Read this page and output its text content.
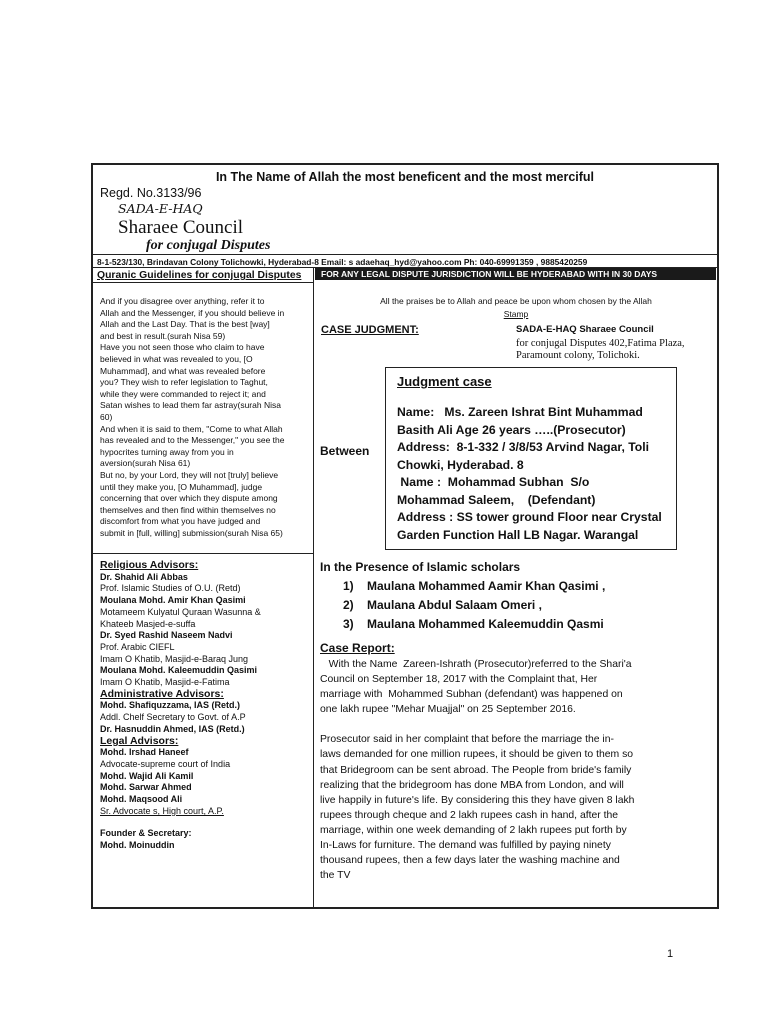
In The Name of Allah the most beneficent and the most merciful
Regd. No.3133/96
SADA-E-HAQ
Sharaee Council
for conjugal Disputes
8-1-523/130, Brindavan Colony Tolichowki, Hyderabad-8 Email: s adaehaq_hyd@yahoo.com Ph: 040-69991359 , 9885420259
Quranic Guidelines for conjugal Disputes
And if you disagree over anything, refer it to
Allah and the Messenger, if you should believe in
Allah and the Last Day. That is the best [way]
and best in result.(surah Nisa 59)
Have you not seen those who claim to have
believed in what was revealed to you, [O
Muhammad], and what was revealed before
you? They wish to refer legislation to Taghut,
while they were commanded to reject it; and
Satan wishes to lead them far astray(surah Nisa
60)
And when it is said to them, "Come to what Allah
has revealed and to the Messenger," you see the
hypocrites turning away from you in
aversion(surah Nisa 61)
But no, by your Lord, they will not [truly] believe
until they make you, [O Muhammad], judge
concerning that over which they dispute among
themselves and then find within themselves no
discomfort from what you have judged and
submit in [full, willing] submission(surah Nisa 65)
Religious Advisors:
Dr. Shahid Ali Abbas
Prof. Islamic Studies of O.U. (Retd)
Moulana Mohd. Amir Khan Qasimi
Motameem Kulyatul Quraan Wasunna &
Khateeb Masjed-e-suffa
Dr. Syed Rashid Naseem Nadvi
Prof. Arabic CIEFL
Imam O Khatib, Masjid-e-Baraq Jung
Moulana Mohd. Kaleemuddin Qasimi
Imam O Khatib, Masjid-e-Fatima
Administrative Advisors:
Mohd. Shafiquzzama, IAS (Retd.)
Addl. Chelf Secretary to Govt. of A.P
Dr. Hasnuddin Ahmed, IAS (Retd.)
Legal Advisors:
Mohd. Irshad Haneef
Advocate-supreme court of India
Mohd. Wajid Ali Kamil
Mohd. Sarwar Ahmed
Mohd. Maqsood Ali
Sr. Advocate s, High court, A.P.
Founder & Secretary:
Mohd. Moinuddin
FOR ANY LEGAL DISPUTE JURISDICTION WILL BE HYDERABAD WITH IN 30 DAYS
All the praises be to Allah and peace be upon whom chosen by the Allah
Stamp
CASE JUDGMENT:	SADA-E-HAQ Sharaee Council
for conjugal Disputes 402,Fatima Plaza,
Paramount colony, Tolichoki.
Judgment case
Name:   Ms. Zareen Ishrat Bint Muhammad
Basith Ali Age 26 years …..(Prosecutor)
Address:  8-1-332 / 3/8/53 Arvind Nagar, Toli
Chowki, Hyderabad. 8
Name :  Mohammad Subhan  S/o
Mohammad Saleem,    (Defendant)
Address : SS tower ground Floor near Crystal
Garden Function Hall LB Nagar. Warangal
Between
In the Presence of Islamic scholars
1) Maulana Mohammed Aamir Khan Qasimi ,
2) Maulana Abdul Salaam Omeri ,
3) Maulana Mohammed Kaleemuddin Qasmi
Case Report:
With the Name  Zareen-Ishrath (Prosecutor)referred to the Shari'a
Council on September 18, 2017 with the Complaint that, Her
marriage with  Mohammed Subhan (defendant) was happened on
one lakh rupee "Mehar Muajjal" on 25 September 2016.
Prosecutor said in her complaint that before the marriage the in-
laws demanded for one million rupees, it should be given to them so
that Bridegroom can be sent abroad. The People from bride's family
realizing that the bridegroom has done MBA from London, and will
live happily in future's life. By considering this they have given 8 lakh
rupees through cheque and 2 lakh rupees cash in hand, after the
marriage, within one week demanding of 2 lakh rupees put forth by
In-Laws for furniture. The demand was fulfilled by paying ninety
thousand rupees, then a few days later the washing machine and
the TV
1
